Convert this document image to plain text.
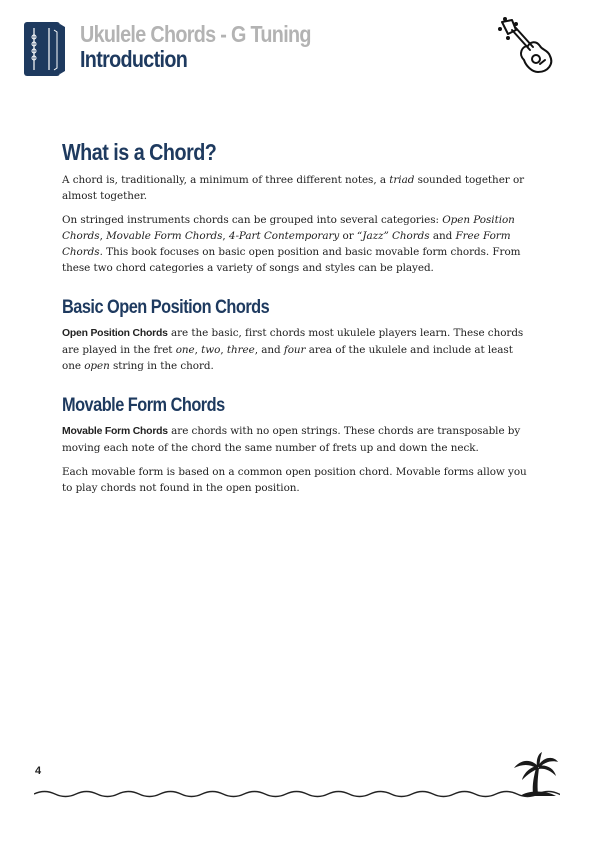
Ukulele Chords - G Tuning
Introduction
What is a Chord?

A chord is, traditionally, a minimum of three different notes, a triad sounded together or almost together.

On stringed instruments chords can be grouped into several categories: Open Position Chords, Movable Form Chords, 4-Part Contemporary or “Jazz” Chords and Free Form Chords. This book focuses on basic open position and basic movable form chords. From these two chord categories a variety of songs and styles can be played.

Basic Open Position Chords

Open Position Chords are the basic, first chords most ukulele players learn. These chords are played in the fret one, two, three, and four area of the ukulele and include at least one open string in the chord.

Movable Form Chords

Movable Form Chords are chords with no open strings. These chords are transposable by moving each note of the chord the same number of frets up and down the neck.

Each movable form is based on a common open position chord. Movable forms allow you to play chords not found in the open position.

4
